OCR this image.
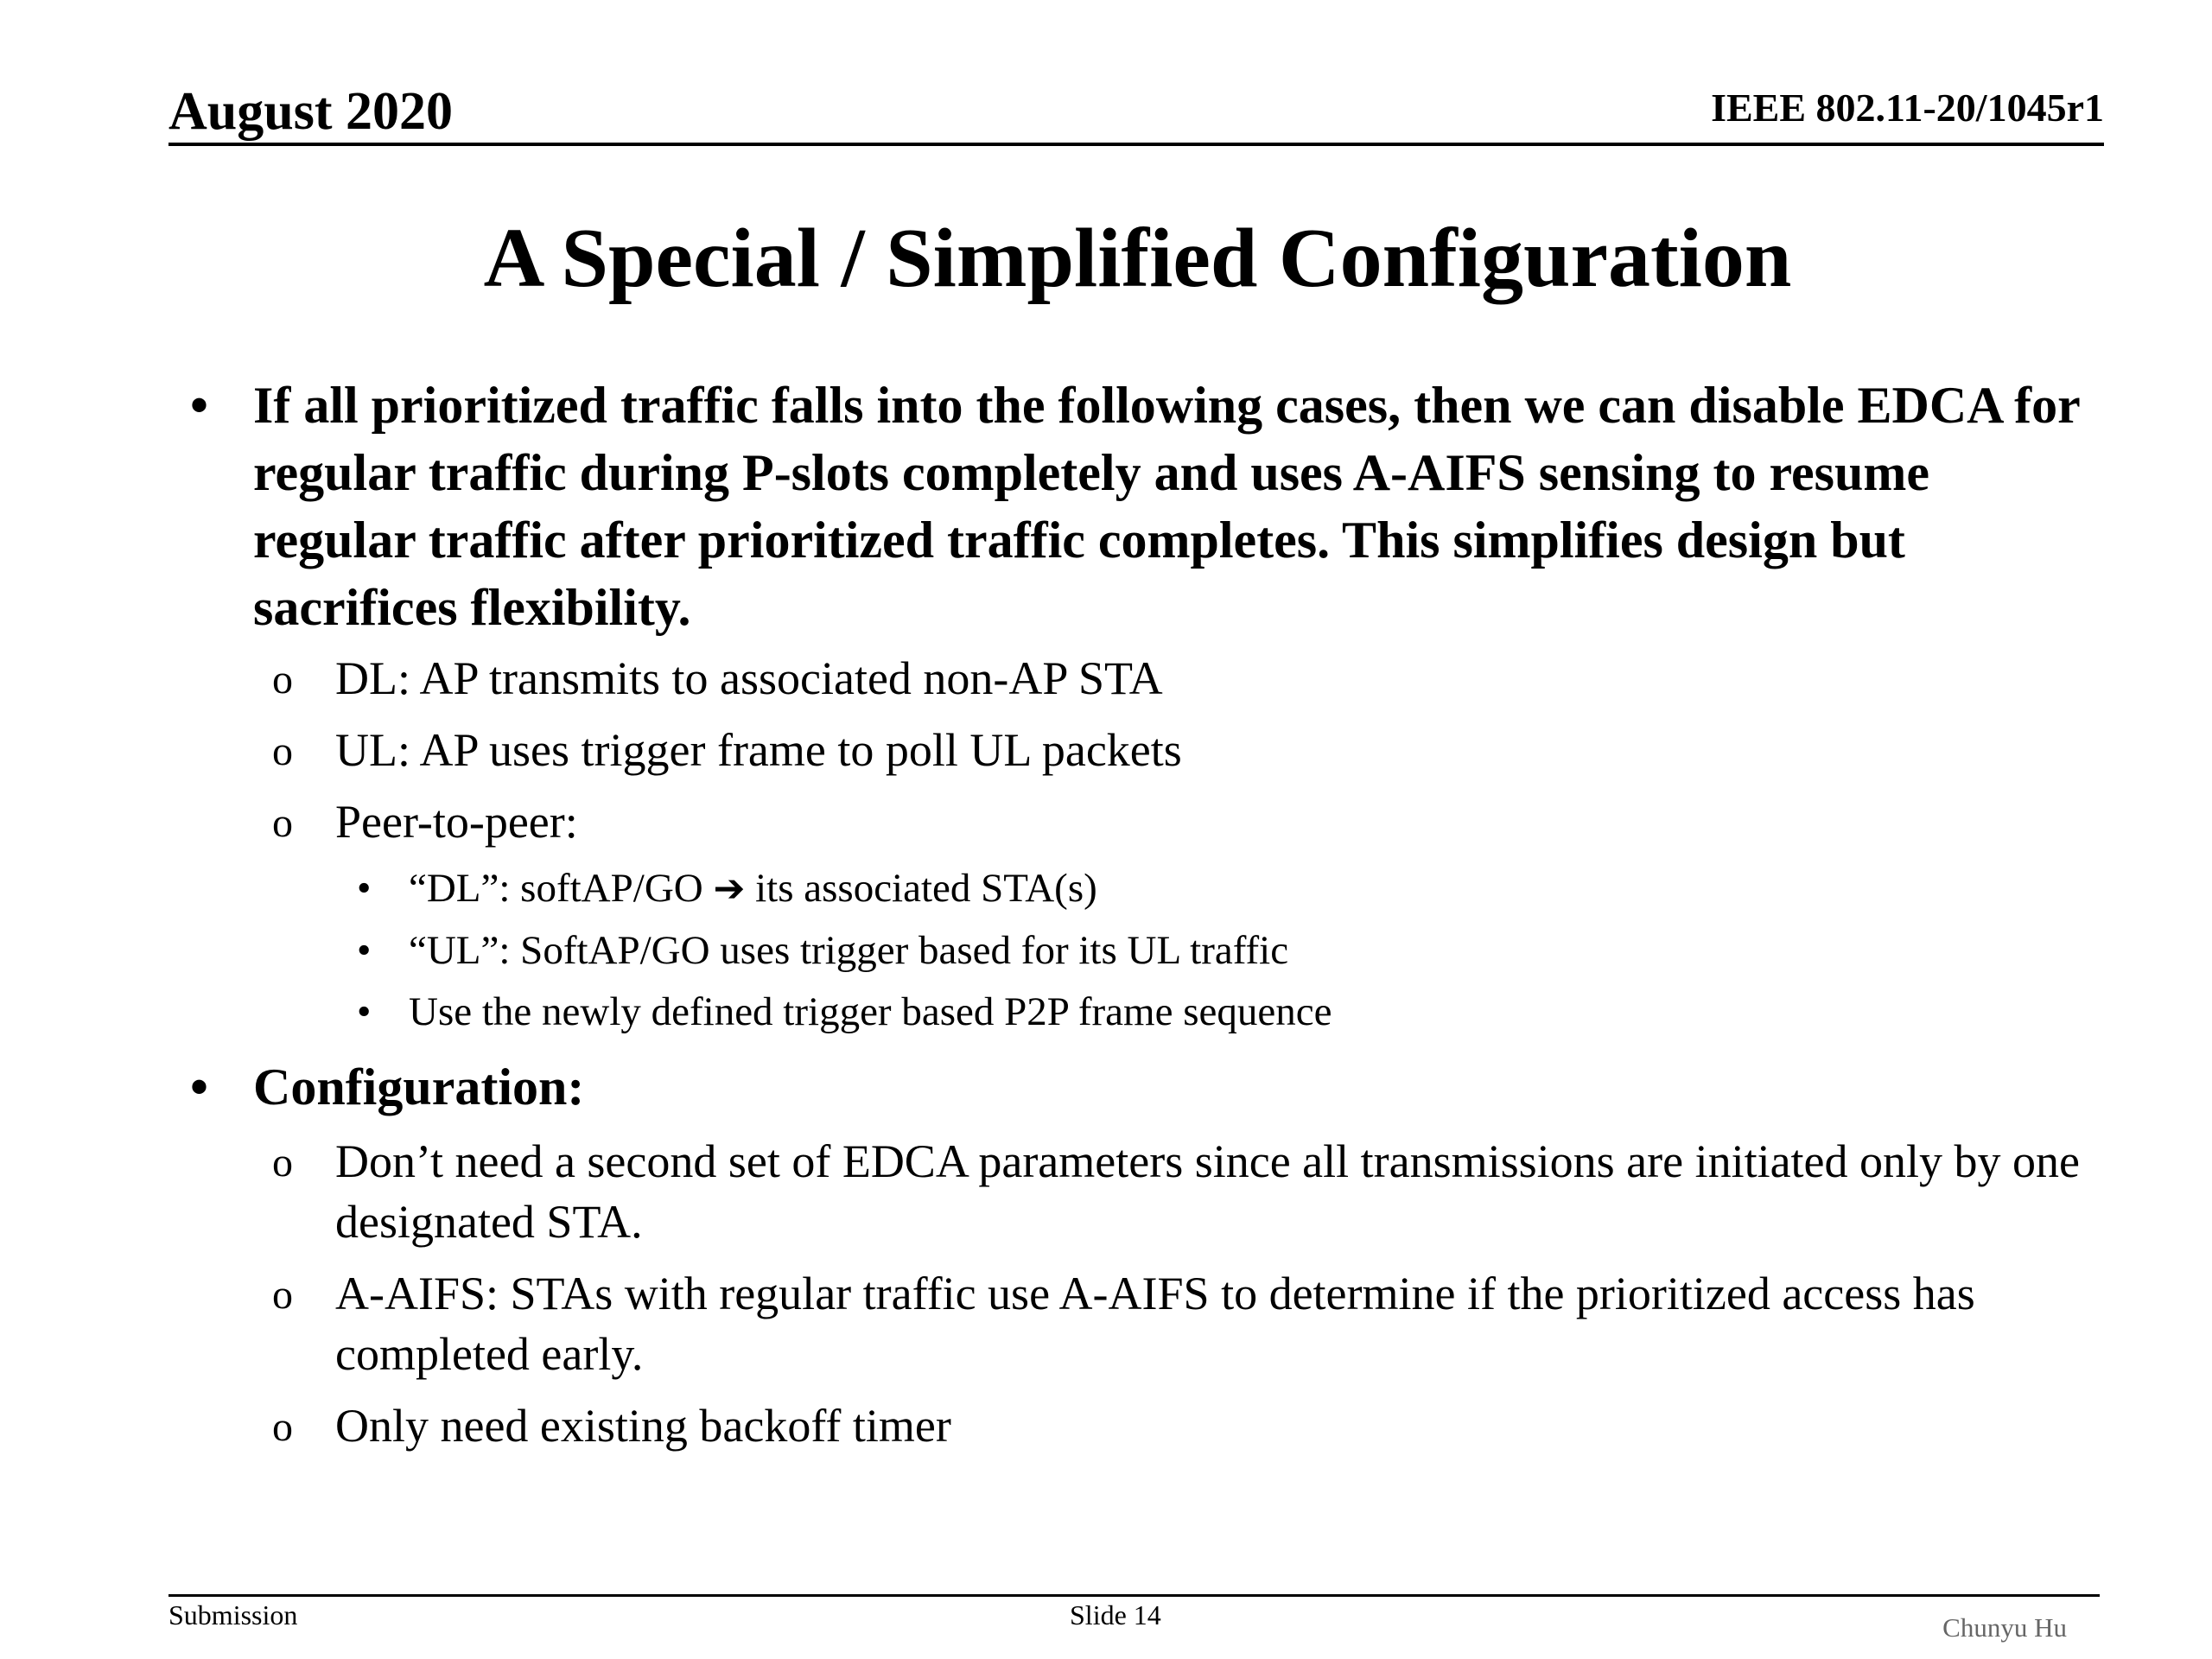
August 2020	IEEE 802.11-20/1045r1
A Special / Simplified Configuration
• If all prioritized traffic falls into the following cases, then we can disable EDCA for regular traffic during P-slots completely and uses A-AIFS sensing to resume regular traffic after prioritized traffic completes. This simplifies design but sacrifices flexibility.
o DL: AP transmits to associated non-AP STA
o UL: AP uses trigger frame to poll UL packets
o Peer-to-peer:
• “DL”: softAP/GO ➔ its associated STA(s)
• “UL”: SoftAP/GO uses trigger based for its UL traffic
• Use the newly defined trigger based P2P frame sequence
• Configuration:
o Don’t need a second set of EDCA parameters since all transmissions are initiated only by one designated STA.
o A-AIFS: STAs with regular traffic use A-AIFS to determine if the prioritized access has completed early.
o Only need existing backoff timer
Submission	Slide 14	Chunyu Hu
